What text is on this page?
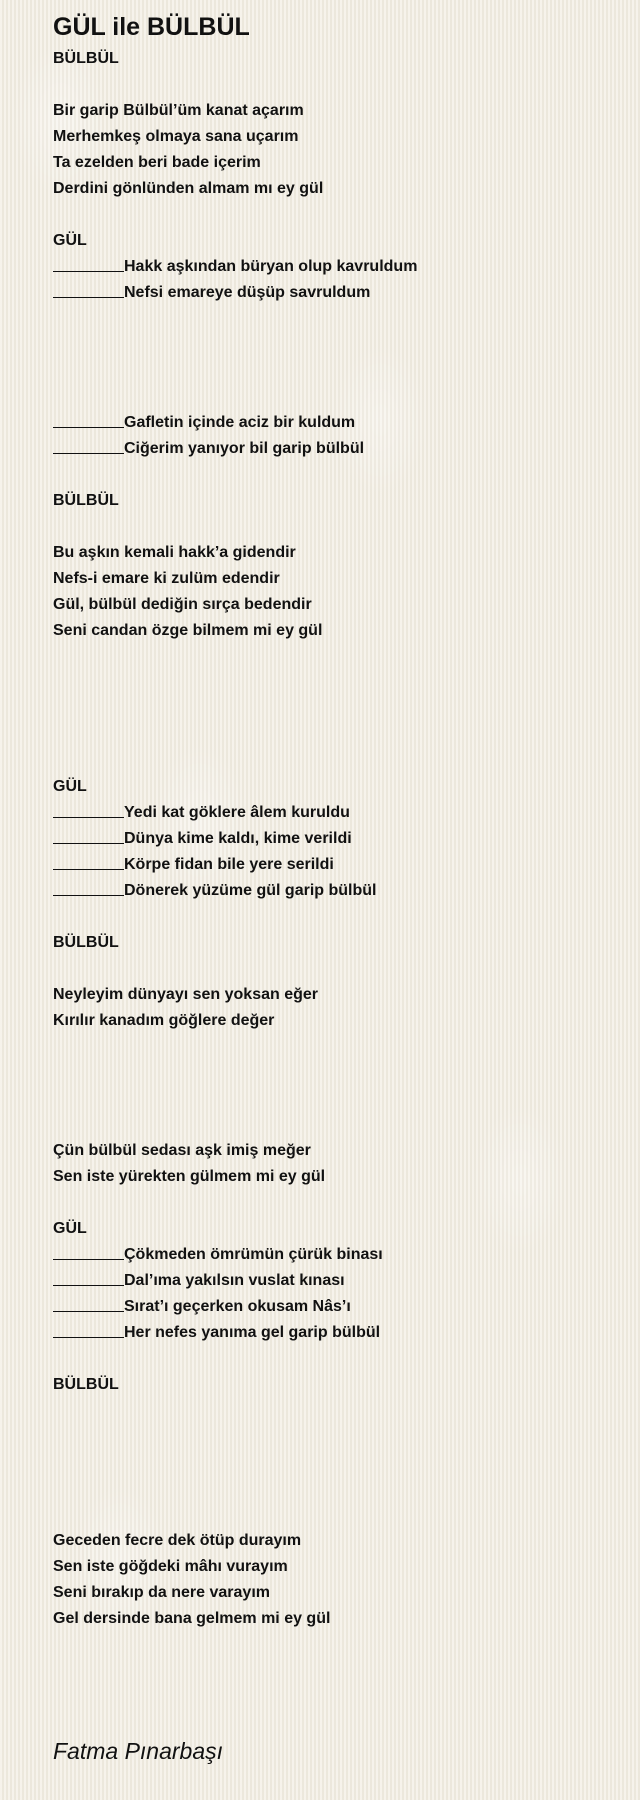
GÜL ile BÜLBÜL
BÜLBÜL
Bir garip Bülbül’üm kanat açarım
Merhemkeş olmaya sana uçarım
Ta ezelden beri bade içerim
Derdini gönlünden almam mı ey gül
GÜL
Hakk aşkından büryan olup kavruldum
Nefsi emareye düşüp savruldum
Gafletin içinde aciz bir kuldum
Ciğerim yanıyor bil garip bülbül
BÜLBÜL
Bu aşkın kemali hakk’a gidendir
Nefs-i emare ki zulüm edendir
Gül, bülbül dediğin sırça bedendir
Seni candan özge bilmem mi ey gül
GÜL
Yedi kat göklere âlem kuruldu
Dünya kime kaldı, kime verildi
Körpe fidan bile yere serildi
Dönerek yüzüme gül garip bülbül
BÜLBÜL
Neyleyim dünyayı sen yoksan eğer
Kırılır kanadım göğlere değer
Çün bülbül sedası aşk imiş meğer
Sen iste yürekten gülmem mi ey gül
GÜL
Çökmeden ömrümün çürük binası
Dal’ıma yakılsın vuslat kınası
Sırat’ı geçerken okusam Nâs’ı
Her nefes yanıma gel garip bülbül
BÜLBÜL
Geceden fecre dek ötüp durayım
Sen iste göğdeki mâhı vurayım
Seni bırakıp da nere varayım
Gel dersinde bana gelmem mi ey gül
Fatma Pınarbaşı
